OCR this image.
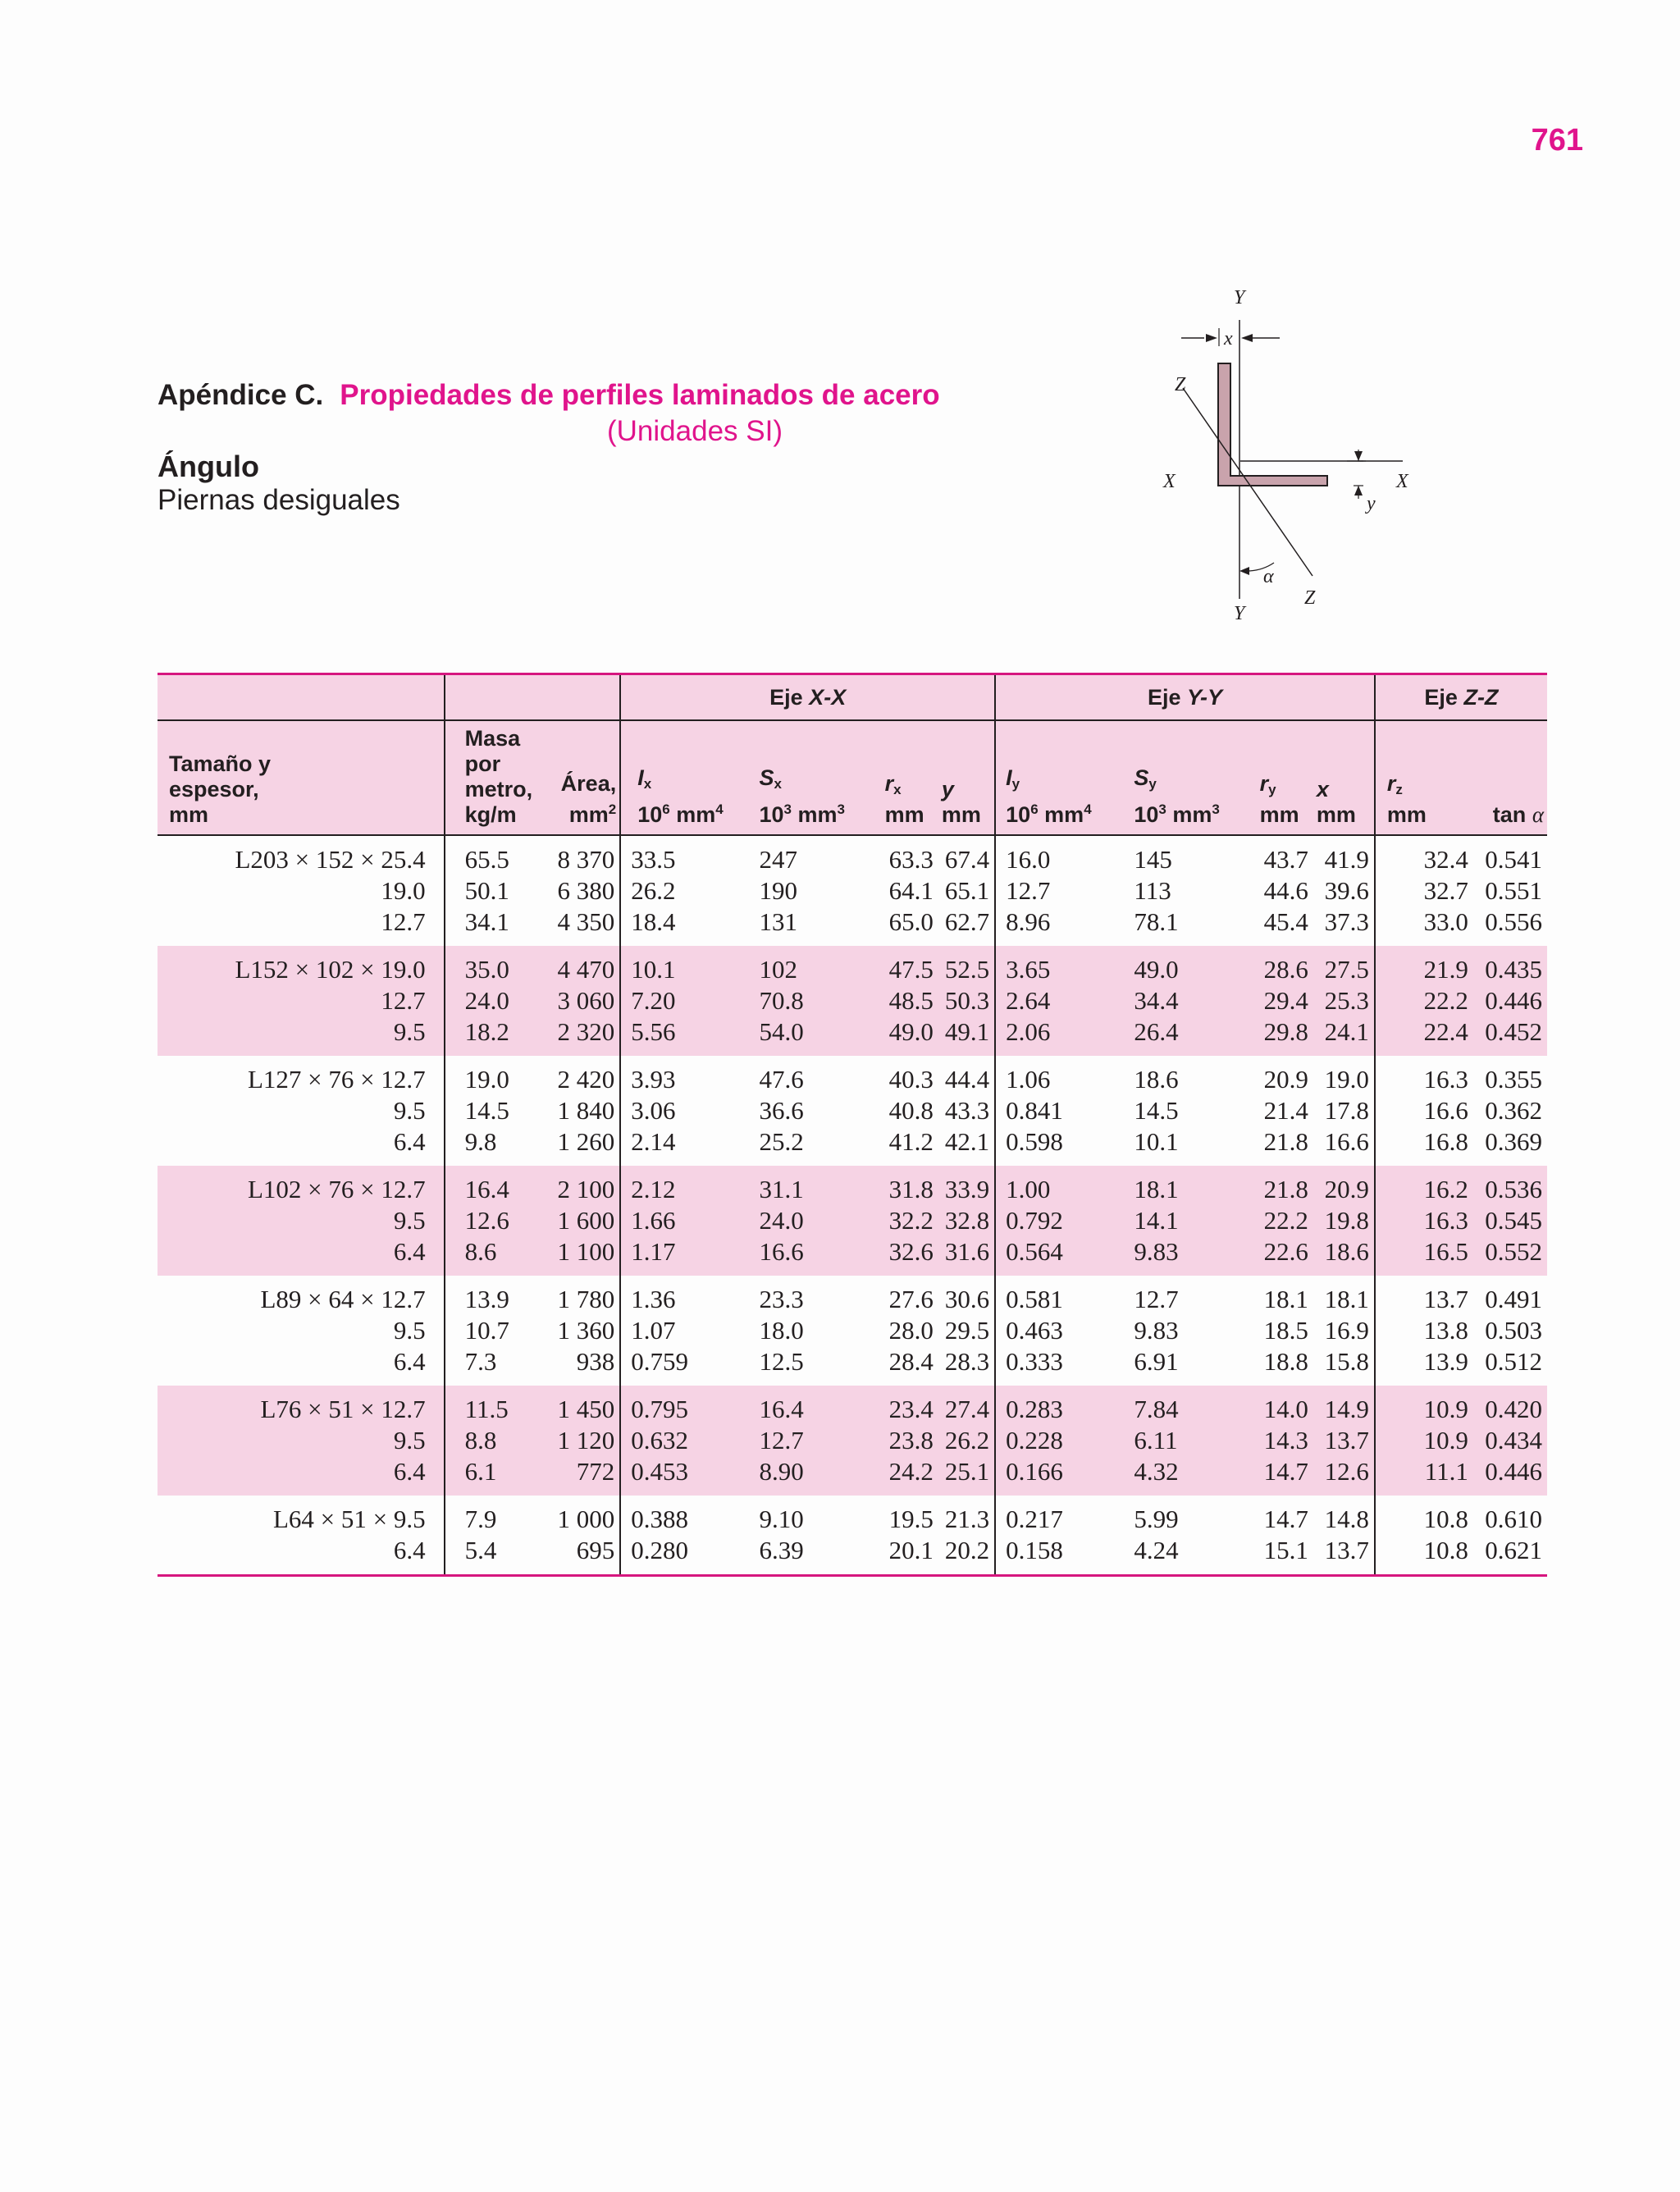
761
Apéndice C. Propiedades de perfiles laminados de acero
(Unidades SI)
Ángulo
Piernas desiguales
Y
x
Z
X	X
y
α
Y
Z
			Eje X-X				Eje Y-Y				Eje Z-Z	
Tamaño y
espesor,
mm	Masa por
metro,
kg/m	Área,
$mm^2$	$I_x$
$10^6$ $mm^4$	$S_x$
$10^3$ $mm^3$	$r_x$
mm	y
mm	$I_y$
$10^6$ $mm^4$	$S_y$
$10^3$ $mm^3$	$r_y$
mm	x
mm	$r_z$
mm	tan α
L203 × 152 × 25.4	65.5	8 370	33.5	247	63.3	67.4	16.0	145	43.7	41.9	32.4	0.541
19.0	50.1	6 380	26.2	190	64.1	65.1	12.7	113	44.6	39.6	32.7	0.551
12.7	34.1	4 350	18.4	131	65.0	62.7	8.96	78.1	45.4	37.3	33.0	0.556
L152 × 102 × 19.0	35.0	4 470	10.1	102	47.5	52.5	3.65	49.0	28.6	27.5	21.9	0.435
12.7	24.0	3 060	7.20	70.8	48.5	50.3	2.64	34.4	29.4	25.3	22.2	0.446
9.5	18.2	2 320	5.56	54.0	49.0	49.1	2.06	26.4	29.8	24.1	22.4	0.452
L127 × 76 × 12.7	19.0	2 420	3.93	47.6	40.3	44.4	1.06	18.6	20.9	19.0	16.3	0.355
9.5	14.5	1 840	3.06	36.6	40.8	43.3	0.841	14.5	21.4	17.8	16.6	0.362
6.4	9.8	1 260	2.14	25.2	41.2	42.1	0.598	10.1	21.8	16.6	16.8	0.369
L102 × 76 × 12.7	16.4	2 100	2.12	31.1	31.8	33.9	1.00	18.1	21.8	20.9	16.2	0.536
9.5	12.6	1 600	1.66	24.0	32.2	32.8	0.792	14.1	22.2	19.8	16.3	0.545
6.4	8.6	1 100	1.17	16.6	32.6	31.6	0.564	9.83	22.6	18.6	16.5	0.552
L89 × 64 × 12.7	13.9	1 780	1.36	23.3	27.6	30.6	0.581	12.7	18.1	18.1	13.7	0.491
9.5	10.7	1 360	1.07	18.0	28.0	29.5	0.463	9.83	18.5	16.9	13.8	0.503
6.4	7.3	938	0.759	12.5	28.4	28.3	0.333	6.91	18.8	15.8	13.9	0.512
L76 × 51 × 12.7	11.5	1 450	0.795	16.4	23.4	27.4	0.283	7.84	14.0	14.9	10.9	0.420
9.5	8.8	1 120	0.632	12.7	23.8	26.2	0.228	6.11	14.3	13.7	10.9	0.434
6.4	6.1	772	0.453	8.90	24.2	25.1	0.166	4.32	14.7	12.6	11.1	0.446
L64 × 51 × 9.5	7.9	1 000	0.388	9.10	19.5	21.3	0.217	5.99	14.7	14.8	10.8	0.610
6.4	5.4	695	0.280	6.39	20.1	20.2	0.158	4.24	15.1	13.7	10.8	0.621
